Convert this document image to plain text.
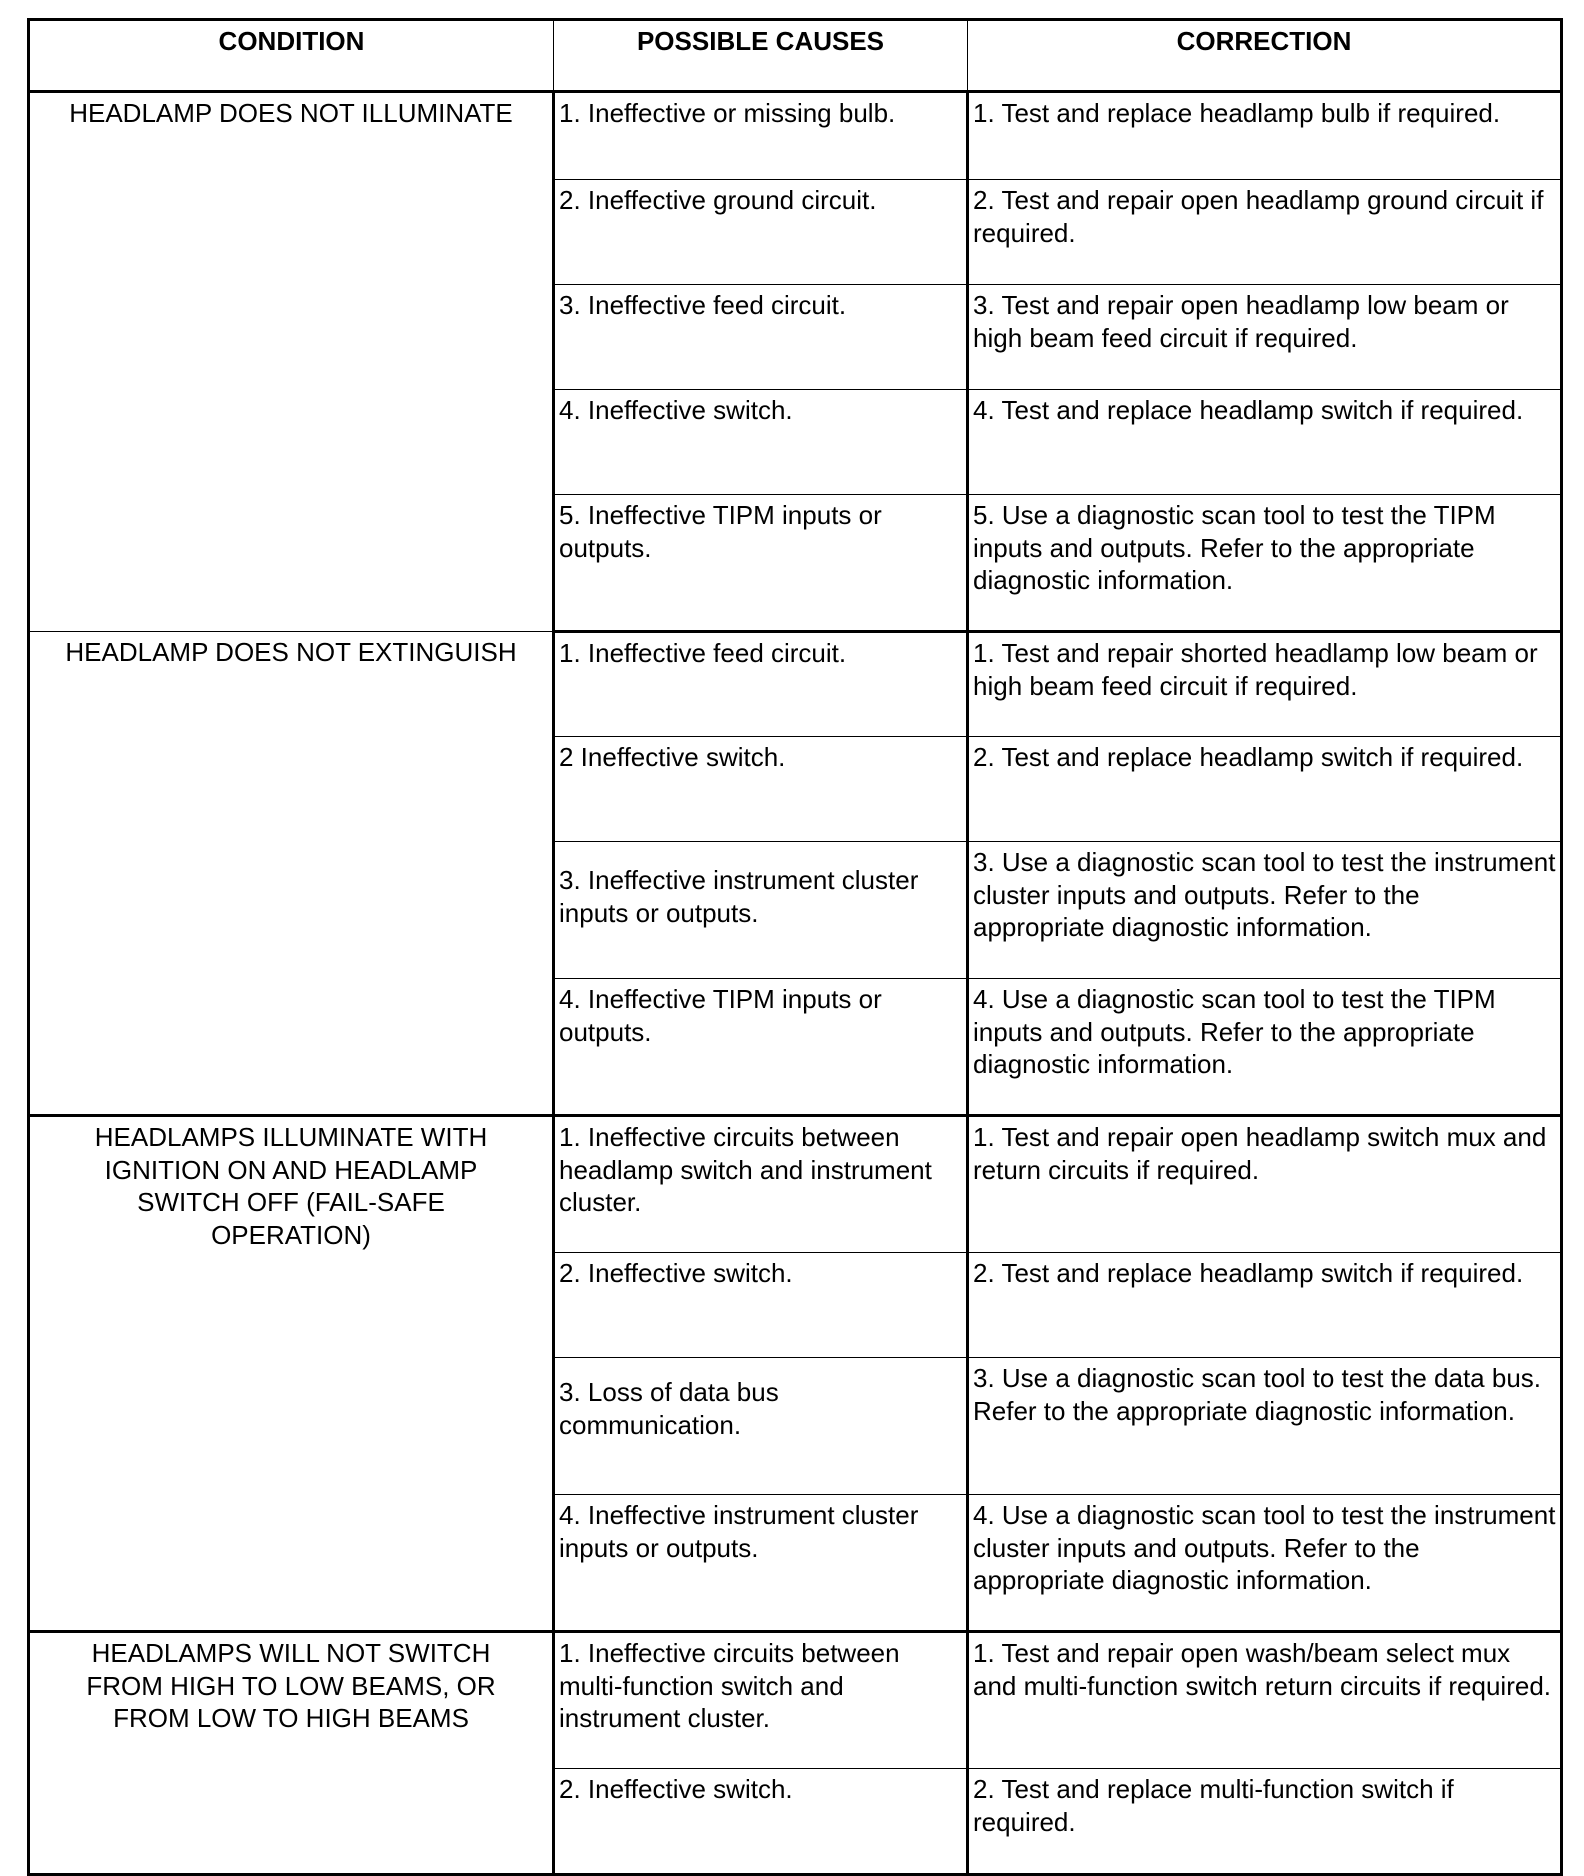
CONDITION	POSSIBLE CAUSES	CORRECTION
HEADLAMP DOES NOT ILLUMINATE	1. Ineffective or missing bulb.	1. Test and replace headlamp bulb if required.
	2. Ineffective ground circuit.	2. Test and repair open headlamp ground circuit if required.
	3. Ineffective feed circuit.	3. Test and repair open headlamp low beam or high beam feed circuit if required.
	4. Ineffective switch.	4. Test and replace headlamp switch if required.
	5. Ineffective TIPM inputs or outputs.	5. Use a diagnostic scan tool to test the TIPM inputs and outputs. Refer to the appropriate diagnostic information.
HEADLAMP DOES NOT EXTINGUISH	1. Ineffective feed circuit.	1. Test and repair shorted headlamp low beam or high beam feed circuit if required.
	2 Ineffective switch.	2. Test and replace headlamp switch if required.
	3. Ineffective instrument cluster inputs or outputs.	3. Use a diagnostic scan tool to test the instrument cluster inputs and outputs. Refer to the appropriate diagnostic information.
	4. Ineffective TIPM inputs or outputs.	4. Use a diagnostic scan tool to test the TIPM inputs and outputs. Refer to the appropriate diagnostic information.
HEADLAMPS ILLUMINATE WITH IGNITION ON AND HEADLAMP SWITCH OFF (FAIL-SAFE OPERATION)	1. Ineffective circuits between headlamp switch and instrument cluster.	1. Test and repair open headlamp switch mux and return circuits if required.
	2. Ineffective switch.	2. Test and replace headlamp switch if required.
	3. Loss of data bus communication.	3. Use a diagnostic scan tool to test the data bus. Refer to the appropriate diagnostic information.
	4. Ineffective instrument cluster inputs or outputs.	4. Use a diagnostic scan tool to test the instrument cluster inputs and outputs. Refer to the appropriate diagnostic information.
HEADLAMPS WILL NOT SWITCH FROM HIGH TO LOW BEAMS, OR FROM LOW TO HIGH BEAMS	1. Ineffective circuits between multi-function switch and instrument cluster.	1. Test and repair open wash/beam select mux and multi-function switch return circuits if required.
	2. Ineffective switch.	2. Test and replace multi-function switch if required.
